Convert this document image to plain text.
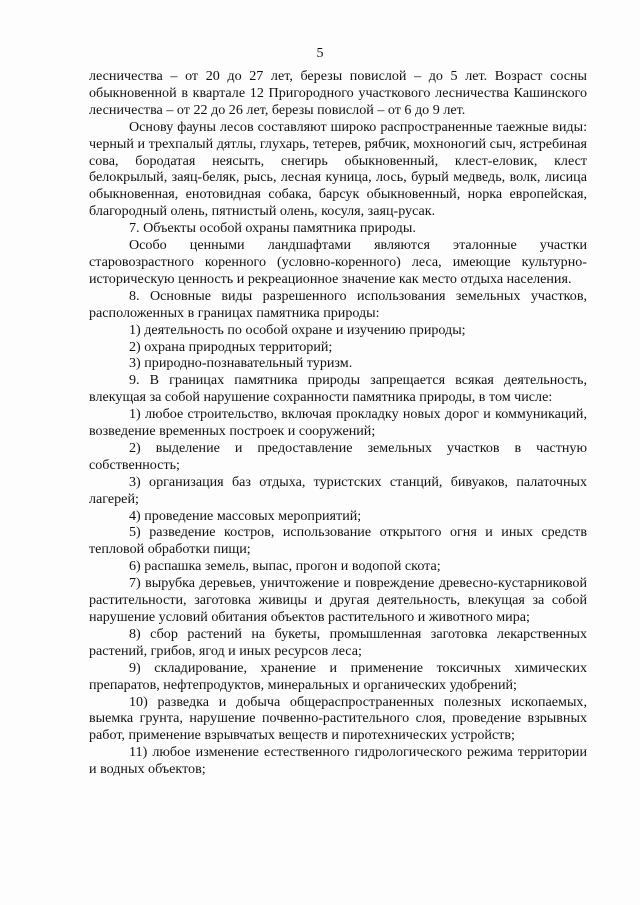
5

лесничества – от 20 до 27 лет, березы повислой – до 5 лет. Возраст сосны обыкновенной в квартале 12 Пригородного участкового лесничества Кашинского лесничества – от 22 до 26 лет, березы повислой – от 6 до 9 лет.

Основу фауны лесов составляют широко распространенные таежные виды: черный и трехпалый дятлы, глухарь, тетерев, рябчик, мохноногий сыч, ястребиная сова, бородатая неясыть, снегирь обыкновенный, клест-еловик, клест белокрылый, заяц-беляк, рысь, лесная куница, лось, бурый медведь, волк, лисица обыкновенная, енотовидная собака, барсук обыкновенный, норка европейская, благородный олень, пятнистый олень, косуля, заяц-русак.

7. Объекты особой охраны памятника природы.

Особо ценными ландшафтами являются эталонные участки старовозрастного коренного (условно-коренного) леса, имеющие культурно-историческую ценность и рекреационное значение как место отдыха населения.

8. Основные виды разрешенного использования земельных участков, расположенных в границах памятника природы:

1) деятельность по особой охране и изучению природы;

2) охрана природных территорий;

3) природно-познавательный туризм.

9. В границах памятника природы запрещается всякая деятельность, влекущая за собой нарушение сохранности памятника природы, в том числе:

1) любое строительство, включая прокладку новых дорог и коммуникаций, возведение временных построек и сооружений;

2) выделение и предоставление земельных участков в частную собственность;

3) организация баз отдыха, туристских станций, бивуаков, палаточных лагерей;

4) проведение массовых мероприятий;

5) разведение костров, использование открытого огня и иных средств тепловой обработки пищи;

6) распашка земель, выпас, прогон и водопой скота;

7) вырубка деревьев, уничтожение и повреждение древесно-кустарниковой растительности, заготовка живицы и другая деятельность, влекущая за собой нарушение условий обитания объектов растительного и животного мира;

8) сбор растений на букеты, промышленная заготовка лекарственных растений, грибов, ягод и иных ресурсов леса;

9) складирование, хранение и применение токсичных химических препаратов, нефтепродуктов, минеральных и органических удобрений;

10) разведка и добыча общераспространенных полезных ископаемых, выемка грунта, нарушение почвенно-растительного слоя, проведение взрывных работ, применение взрывчатых веществ и пиротехнических устройств;

11) любое изменение естественного гидрологического режима территории и водных объектов;
